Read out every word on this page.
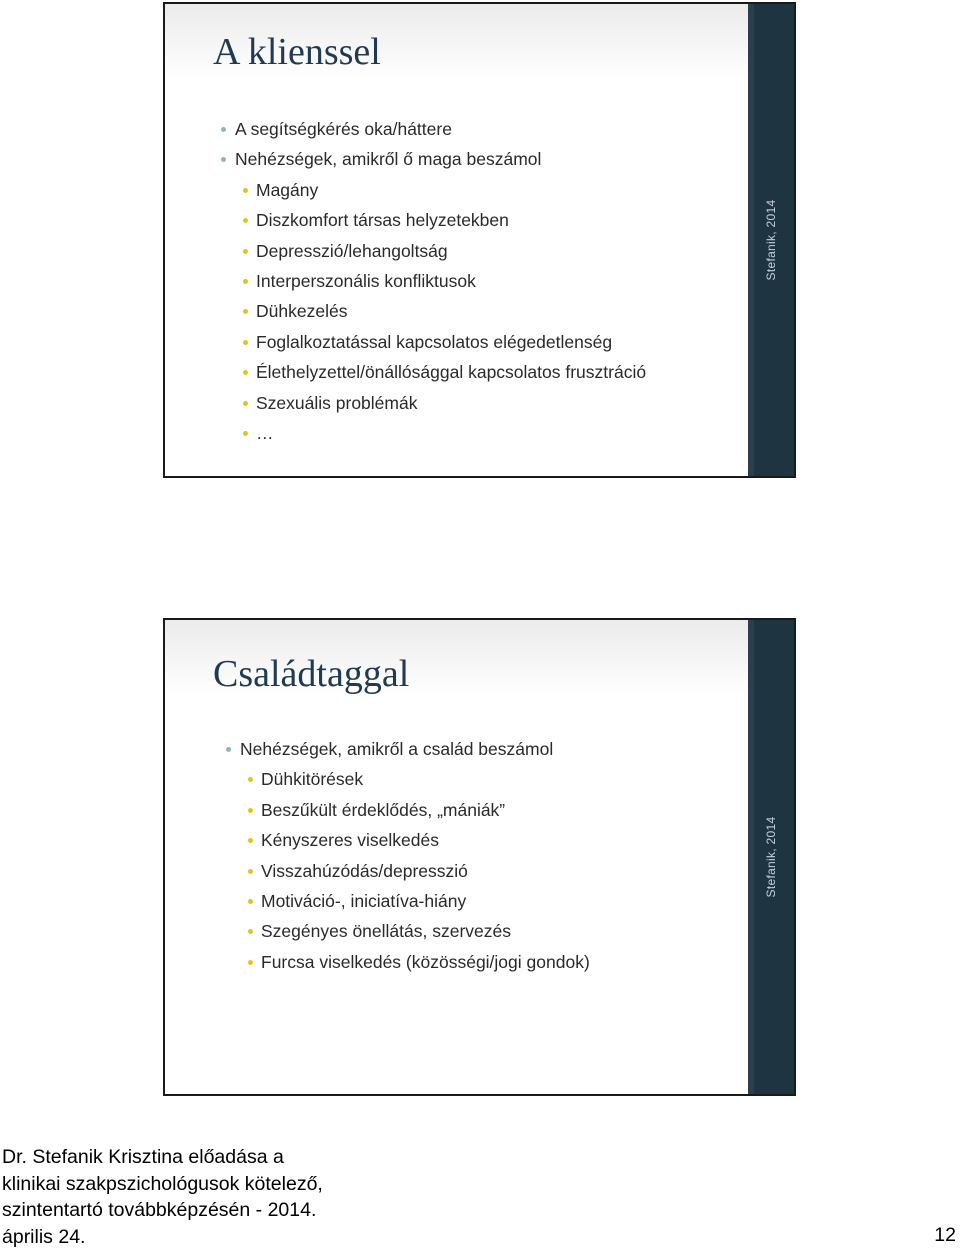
A klienssel
A segítségkérés oka/háttere
Nehézségek, amikről ő maga beszámol
Magány
Diszkomfort társas helyzetekben
Depresszió/lehangoltság
Interperszonális konfliktusok
Dühkezelés
Foglalkoztatással kapcsolatos elégedetlenség
Élethelyzettel/önállósággal kapcsolatos frusztráció
Szexuális problémák
…
Stefanik, 2014
Családtaggal
Nehézségek, amikről a család beszámol
Dühkitörések
Beszűkült érdeklődés, „mániák”
Kényszeres viselkedés
Visszahúzódás/depresszió
Motiváció-, iniciatíva-hiány
Szegényes önellátás, szervezés
Furcsa viselkedés (közösségi/jogi gondok)
Stefanik, 2014
Dr. Stefanik Krisztina előadása a
klinikai szakpszichológusok kötelező,
szintentartó továbbképzésén - 2014.
április 24.	12
